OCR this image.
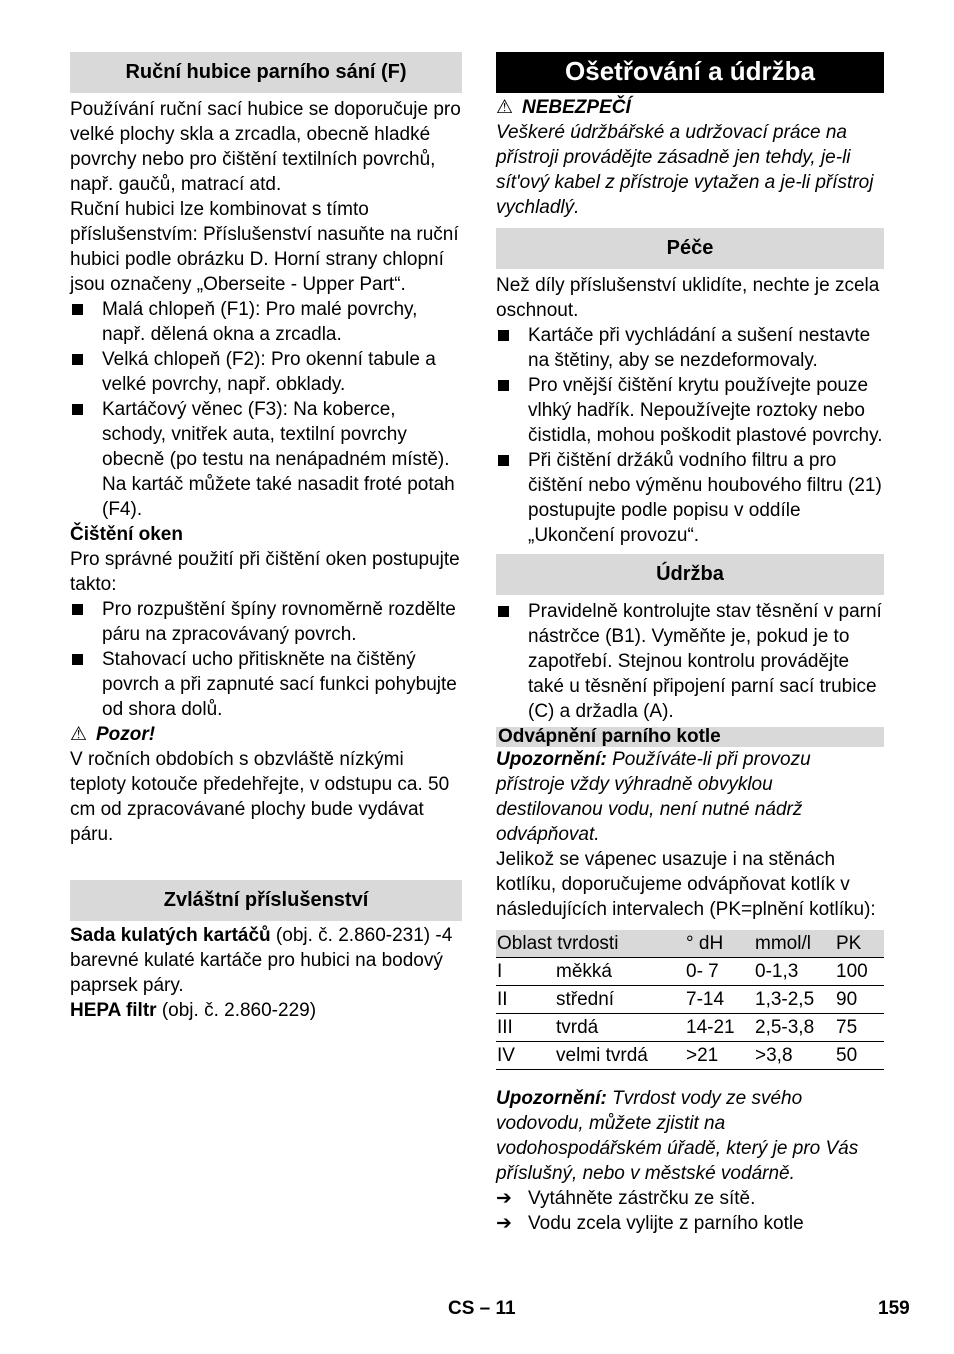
Ruční hubice parního sání (F)

Používání ruční sací hubice se doporučuje pro velké plochy skla a zrcadla, obecně hladké povrchy nebo pro čištění textilních povrchů, např. gaučů, matrací atd.

Ruční hubici lze kombinovat s tímto příslušenstvím: Příslušenství nasuňte na ruční hubici podle obrázku D. Horní strany chlopní jsou označeny „Oberseite - Upper Part“.

Malá chlopeň (F1): Pro malé povrchy, např. dělená okna a zrcadla.
Velká chlopeň (F2): Pro okenní tabule a velké povrchy, např. obklady.
Kartáčový věnec (F3): Na koberce, schody, vnitřek auta, textilní povrchy obecně (po testu na nenápadném místě).
Na kartáč můžete také nasadit froté potah (F4).

Čištění oken

Pro správné použití při čištění oken postupujte takto:

Pro rozpuštění špíny rovnoměrně rozdělte páru na zpracovávaný povrch.
Stahovací ucho přitiskněte na čištěný povrch a při zapnuté sací funkci pohybujte od shora dolů.

⚠ Pozor!

V ročních obdobích s obzvláště nízkými teploty kotouče předehřejte, v odstupu ca. 50 cm od zpracovávané plochy bude vydávat páru.

Zvláštní příslušenství

Sada kulatých kartáčů (obj. č. 2.860-231) -4 barevné kulaté kartáče pro hubici na bodový paprsek páry.

HEPA filtr (obj. č. 2.860-229)

Ošetřování a údržba

⚠ NEBEZPEČÍ

Veškeré údržbářské a udržovací práce na přístroji provádějte zásadně jen tehdy, je-li sít'ový kabel z přístroje vytažen a je-li přístroj vychladlý.

Péče

Než díly příslušenství uklidíte, nechte je zcela oschnout.

Kartáče při vychládání a sušení nestavte na štětiny, aby se nezdeformovaly.
Pro vnější čištění krytu používejte pouze vlhký hadřík. Nepoužívejte roztoky nebo čistidla, mohou poškodit plastové povrchy.
Při čištění držáků vodního filtru a pro čištění nebo výměnu houbového filtru (21) postupujte podle popisu v oddíle „Ukončení provozu“.
Údržba
Pravidelně kontrolujte stav těsnění v parní nástrčce (B1). Vyměňte je, pokud je to zapotřebí. Stejnou kontrolu provádějte také u těsnění připojení parní sací trubice (C) a držadla (A).
Odvápnění parního kotle

Upozornění: Používáte-li při provozu přístroje vždy výhradně obvyklou destilovanou vodu, není nutné nádrž odvápňovat.

Jelikož se vápenec usazuje i na stěnách kotlíku, doporučujeme odvápňovat kotlík v následujících intervalech (PK=plnění kotlíku):

Oblast tvrdosti		° dH	mmol/l	PK
I	měkká	0- 7	0-1,3	100
II	střední	7-14	1,3-2,5	90
III	tvrdá	14-21	2,5-3,8	75
IV	velmi tvrdá	>21	>3,8	50

Upozornění: Tvrdost vody ze svého vodovodu, můžete zjistit na vodohospodářském úřadě, který je pro Vás příslušný, nebo v městské vodárně.

➔ Vytáhněte zástrčku ze sítě.
➔ Vodu zcela vylijte z parního kotle
CS – 11	159
